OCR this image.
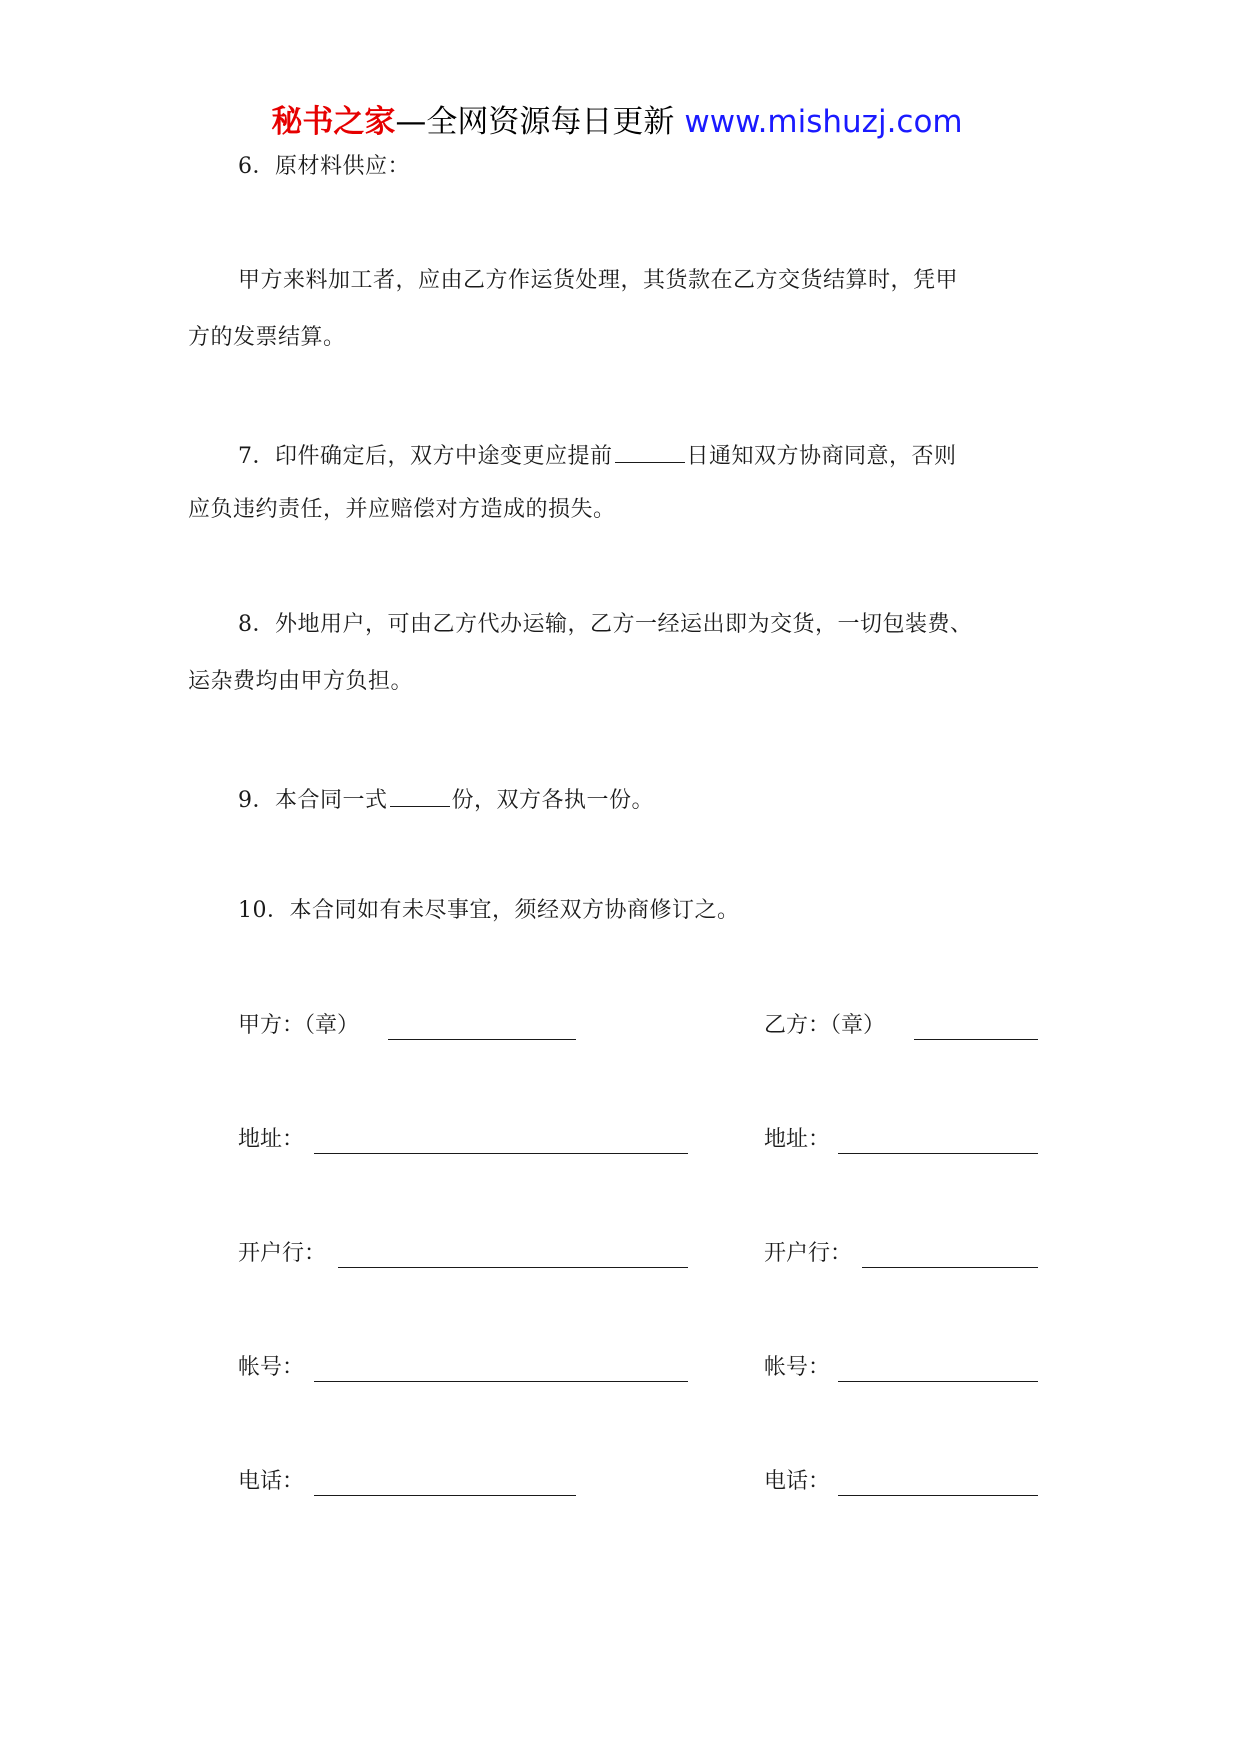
秘书之家—全网资源每日更新 www.mishuzj.com
6．原材料供应：
甲方来料加工者，应由乙方作运货处理，其货款在乙方交货结算时，凭甲
方的发票结算。
7．印件确定后，双方中途变更应提前	日通知双方协商同意，否则
应负违约责任，并应赔偿对方造成的损失。
8．外地用户，可由乙方代办运输，乙方一经运出即为交货，一切包装费、
运杂费均由甲方负担。
9．本合同一式	份，双方各执一份。
10．本合同如有未尽事宜，须经双方协商修订之。
甲方：（章）	乙方：（章）
地址：	地址：
开户行：	开户行：
帐号：	帐号：
电话：	电话：
